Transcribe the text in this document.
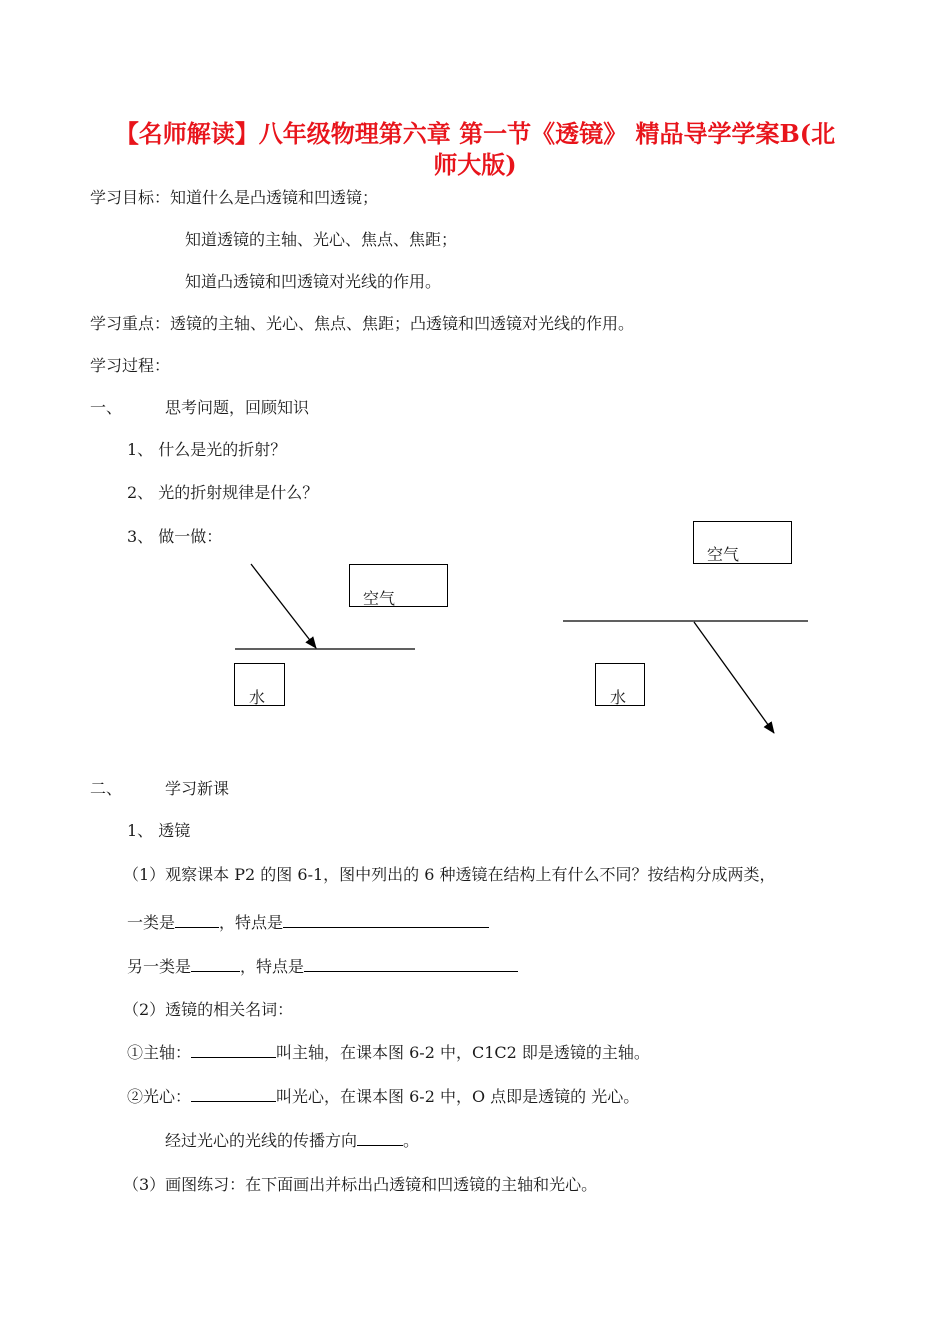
【名师解读】八年级物理第六章 第一节《透镜》 精品导学学案B(北
师大版)
学习目标：知道什么是凸透镜和凹透镜；
知道透镜的主轴、光心、焦点、焦距；
知道凸透镜和凹透镜对光线的作用。
学习重点：透镜的主轴、光心、焦点、焦距；凸透镜和凹透镜对光线的作用。
学习过程：
一、	思考问题，回顾知识
1、 什么是光的折射？
2、 光的折射规律是什么？
3、 做一做：
空气
水
空气
水
二、	学习新课
1、 透镜
（1）观察课本 P2 的图 6-1，图中列出的 6 种透镜在结构上有什么不同？按结构分成两类，
一类是	，特点是
另一类是	，特点是
（2）透镜的相关名词：
①主轴：	叫主轴，在课本图 6-2 中，C1C2 即是透镜的主轴。
②光心：	叫光心，在课本图 6-2 中，O 点即是透镜的 光心。
经过光心的光线的传播方向	。
（3）画图练习：在下面画出并标出凸透镜和凹透镜的主轴和光心。
